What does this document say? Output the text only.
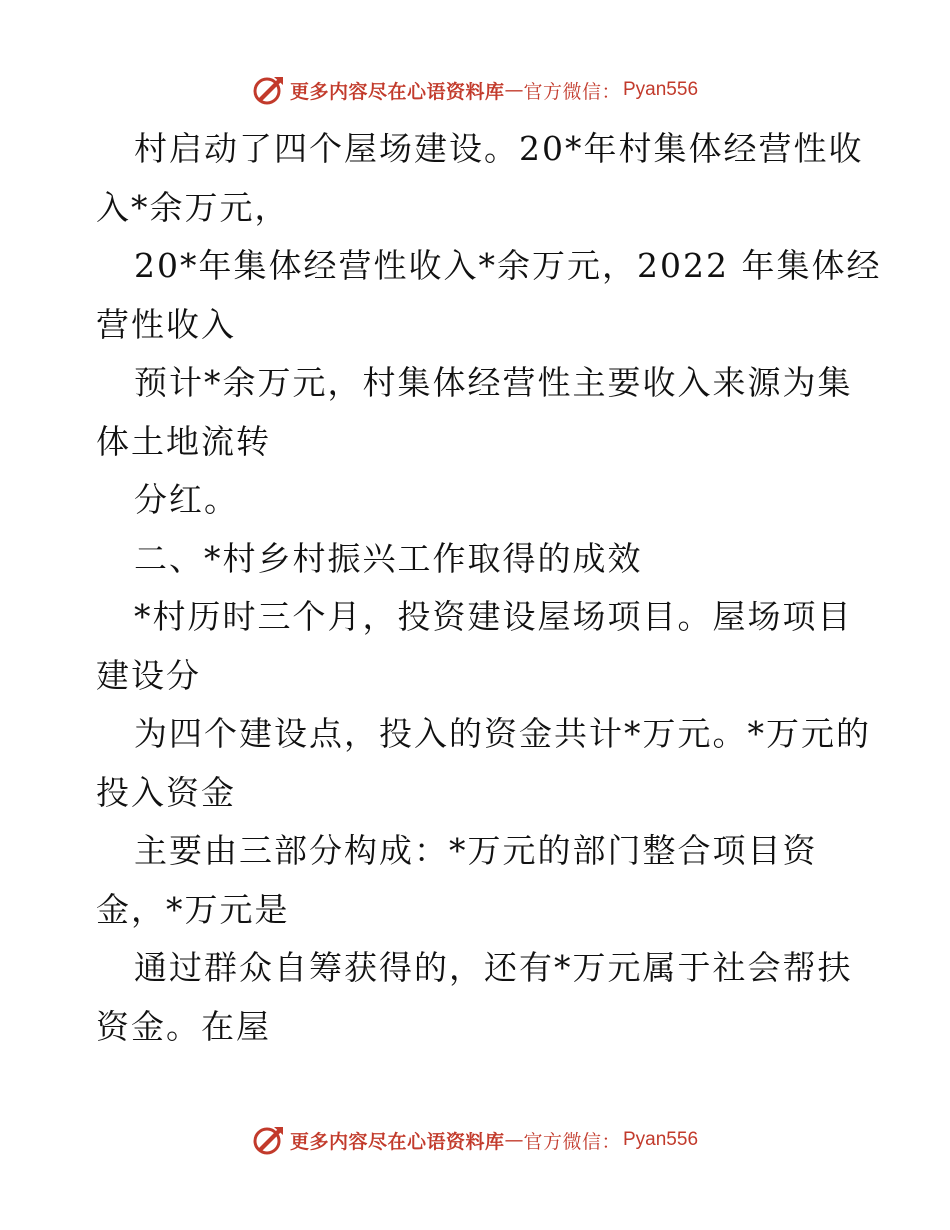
更多内容尽在心语资料库 — 官方微信： Pyan556
村启动了四个屋场建设。20*年村集体经营性收
入*余万元，
20*年集体经营性收入*余万元，2022 年集体经
营性收入
预计*余万元，村集体经营性主要收入来源为集
体土地流转
分红。
二、*村乡村振兴工作取得的成效
*村历时三个月，投资建设屋场项目。屋场项目
建设分
为四个建设点，投入的资金共计*万元。*万元的
投入资金
主要由三部分构成：*万元的部门整合项目资
金，*万元是
通过群众自筹获得的，还有*万元属于社会帮扶
资金。在屋
更多内容尽在心语资料库 — 官方微信： Pyan556
